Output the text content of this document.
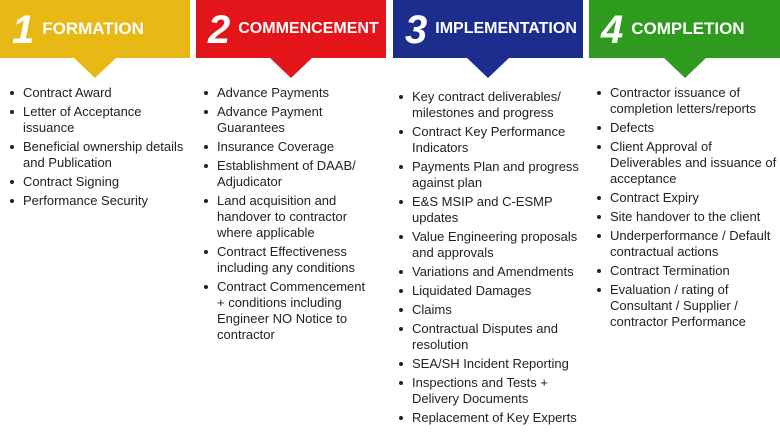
1 FORMATION
Contract Award
Letter of Acceptance issuance
Beneficial ownership details and Publication
Contract Signing
Performance Security
2 COMMENCEMENT
Advance Payments
Advance Payment Guarantees
Insurance Coverage
Establishment of DAAB/ Adjudicator
Land acquisition and handover to contractor where applicable
Contract Effectiveness including any conditions
Contract Commencement + conditions including Engineer NO Notice to contractor
3 IMPLEMENTATION
Key contract deliverables/ milestones and progress
Contract Key Performance Indicators
Payments Plan and progress against plan
E&S MSIP and C-ESMP updates
Value Engineering proposals and approvals
Variations and Amendments
Liquidated Damages
Claims
Contractual Disputes and resolution
SEA/SH Incident Reporting
Inspections and Tests + Delivery Documents
Replacement of Key Experts
4 COMPLETION
Contractor issuance of completion letters/reports
Defects
Client Approval of Deliverables and issuance of acceptance
Contract Expiry
Site handover to the client
Underperformance / Default contractual actions
Contract Termination
Evaluation / rating of Consultant / Supplier / contractor Performance
